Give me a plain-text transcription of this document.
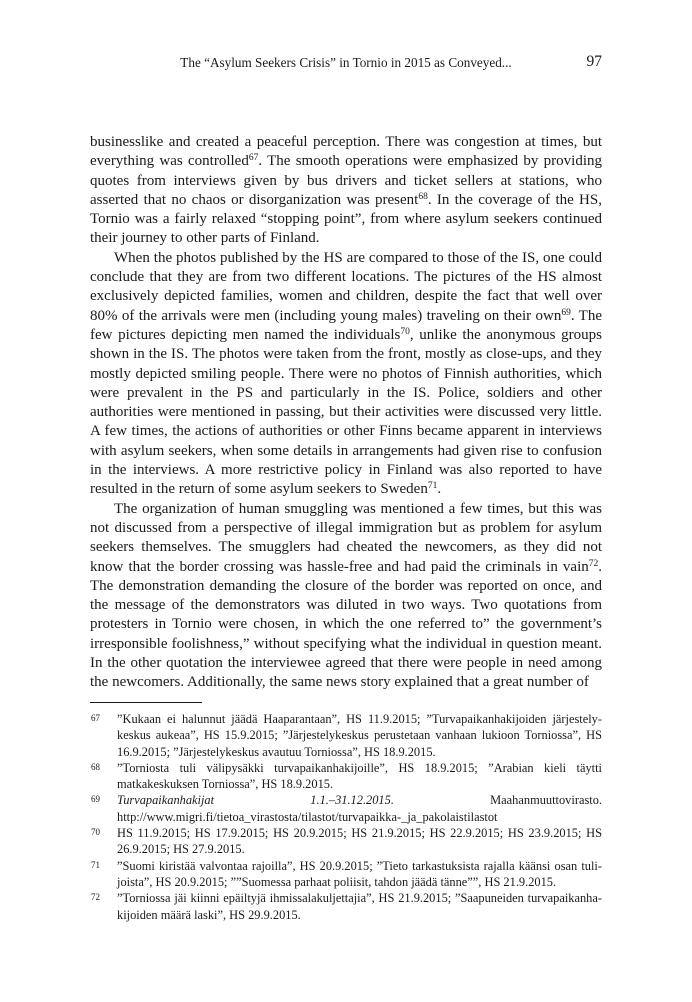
The “Asylum Seekers Crisis” in Tornio in 2015 as Conveyed...	97

businesslike and created a peaceful perception. There was congestion at times, but everything was controlled$^{67}$. The smooth operations were emphasized by providing quotes from interviews given by bus drivers and ticket sellers at stations, who asserted that no chaos or disorganization was present$^{68}$. In the coverage of the HS, Tornio was a fairly relaxed “stopping point”, from where asylum seekers continued their journey to other parts of Finland.

When the photos published by the HS are compared to those of the IS, one could conclude that they are from two different locations. The pictures of the HS almost exclusively depicted families, women and children, despite the fact that well over 80% of the arrivals were men (including young males) traveling on their own$^{69}$. The few pictures depicting men named the individuals$^{70}$, unlike the anonymous groups shown in the IS. The photos were taken from the front, mostly as close-ups, and they mostly depicted smiling people. There were no photos of Finnish authorities, which were prevalent in the PS and particularly in the IS. Police, soldiers and other authorities were mentioned in passing, but their activities were discussed very little. A few times, the actions of authorities or other Finns became apparent in interviews with asylum seekers, when some details in arrangements had given rise to confusion in the interviews. A more restrictive policy in Finland was also reported to have resulted in the return of some asylum seekers to Sweden$^{71}$.

The organization of human smuggling was mentioned a few times, but this was not discussed from a perspective of illegal immigration but as problem for asylum seekers themselves. The smugglers had cheated the newcomers, as they did not know that the border crossing was hassle-free and had paid the criminals in vain$^{72}$. The demonstration demanding the closure of the border was reported on once, and the message of the demonstrators was diluted in two ways. Two quotations from protesters in Tornio were chosen, in which the one referred to” the government’s irresponsible foolishness,” without specifying what the individual in question meant. In the other quotation the interviewee agreed that there were people in need among the newcomers. Additionally, the same news story explained that a great number of

67	”Kukaan ei halunnut jäädä Haaparantaan”, HS 11.9.2015; ”Turvapaikanhakijoiden järjestelykeskus aukeaa”, HS 15.9.2015; ”Järjestelykeskus perustetaan vanhaan lukioon Torniossa”, HS 16.9.2015; ”Järjestelykeskus avautuu Torniossa”, HS 18.9.2015.
68	”Torniosta tuli välipysäkki turvapaikanhakijoille”, HS 18.9.2015; ”Arabian kieli täytti matkakeskuksen Torniossa”, HS 18.9.2015.
69	Turvapaikanhakijat 1.1.–31.12.2015. Maahanmuuttovirasto. http://www.migri.fi/tietoa_virastosta/​tilastot/turvapaikka-_ja_pakolaistilastot
70	HS 11.9.2015; HS 17.9.2015; HS 20.9.2015; HS 21.9.2015; HS 22.9.2015; HS 23.9.2015; HS 26.9.2015; HS 27.9.2015.
71	”Suomi kiristää valvontaa rajoilla”, HS 20.9.2015; ”Tieto tarkastuksista rajalla käänsi osan tulijoista”, HS 20.9.2015; ””Suomessa parhaat poliisit, tahdon jäädä tänne””, HS 21.9.2015.
72	”Torniossa jäi kiinni epäiltyjä ihmissalakuljettajia”, HS 21.9.2015; ”Saapuneiden turvapaikanhakijoiden määrä laski”, HS 29.9.2015.
